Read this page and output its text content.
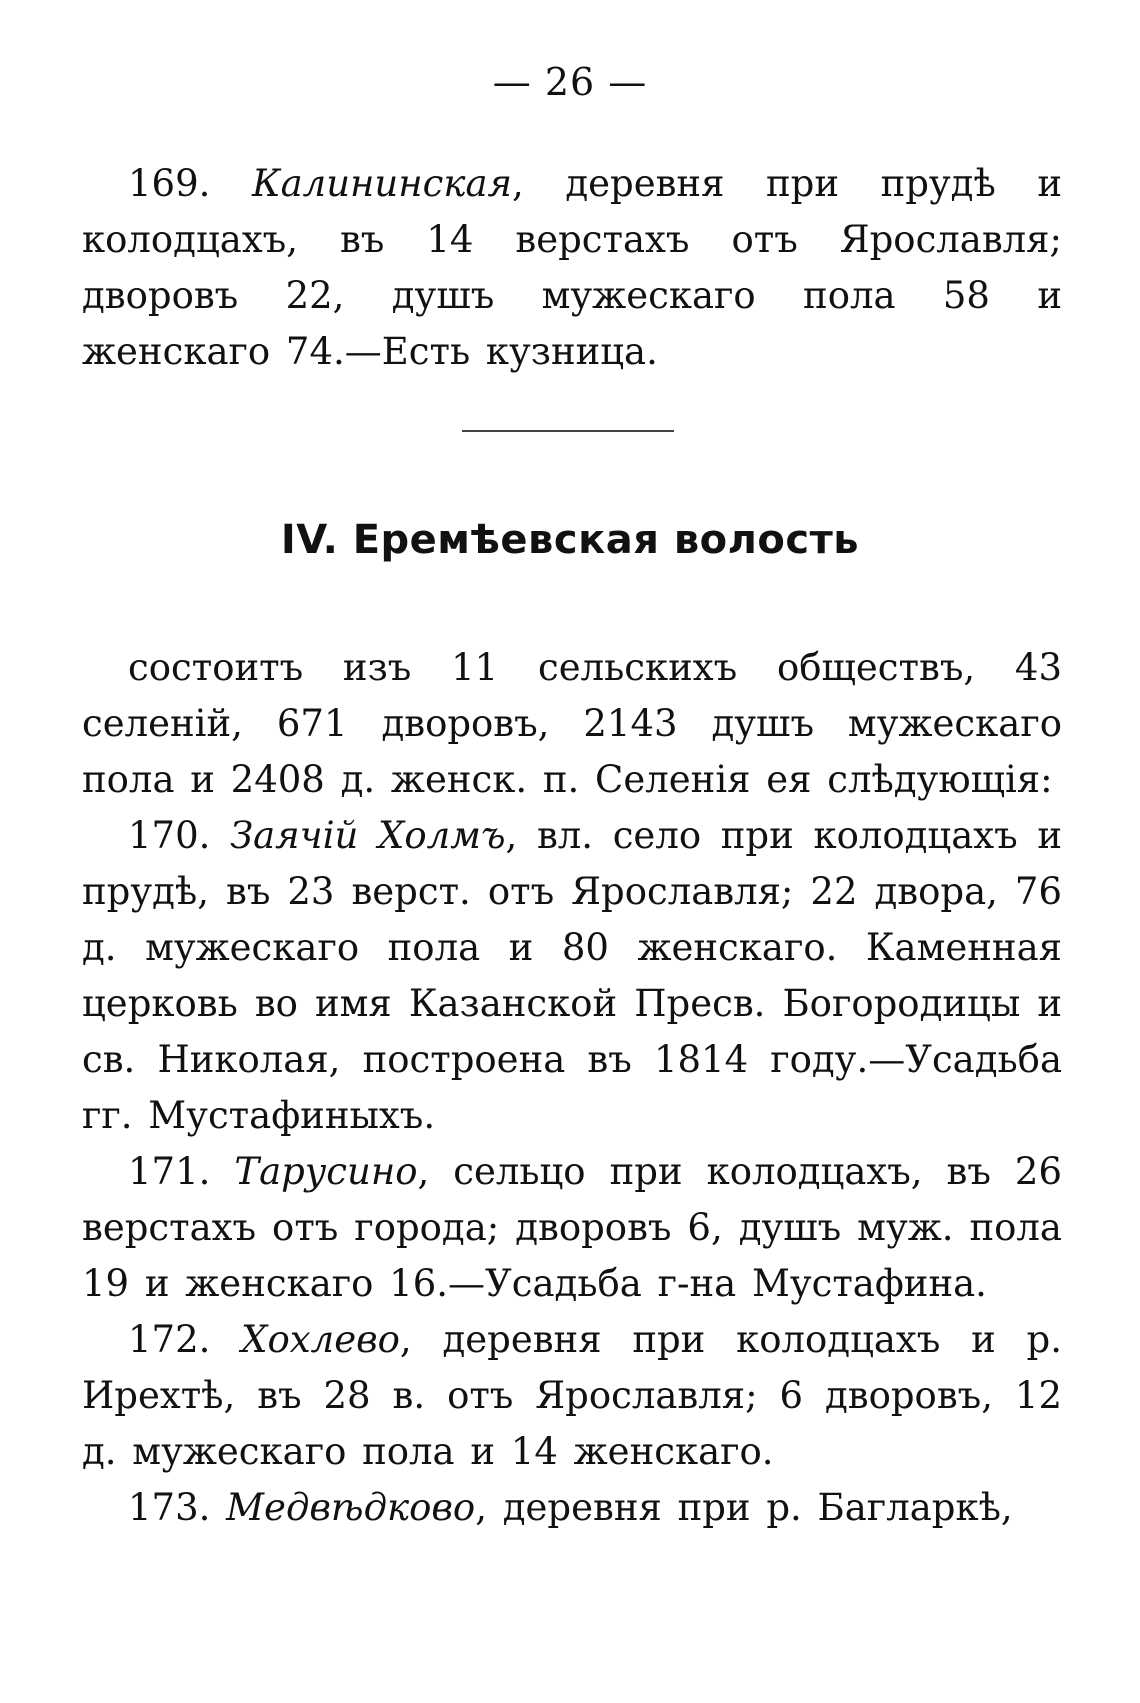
— 26 —

169. Калининская, деревня при прудѣ и колодцахъ, въ 14 верстахъ отъ Ярославля; дворовъ 22, душъ мужескаго пола 58 и женскаго 74.—Есть кузница.

IV. Еремѣевская волость

состоитъ изъ 11 сельскихъ обществъ, 43 селеній, 671 дворовъ, 2143 душъ мужескаго пола и 2408 д. женск. п. Селенія ея слѣдующія:

170. Заячій Холмъ, вл. село при колодцахъ и прудѣ, въ 23 верст. отъ Ярославля; 22 двора, 76 д. мужескаго пола и 80 женскаго. Каменная церковь во имя Казанской Пресв. Богородицы и св. Николая, построена въ 1814 году.—Усадьба гг. Мустафиныхъ.

171. Тарусино, сельцо при колодцахъ, въ 26 верстахъ отъ города; дворовъ 6, душъ муж. пола 19 и женскаго 16.—Усадьба г-на Мустафина.

172. Хохлево, деревня при колодцахъ и р. Ирехтѣ, въ 28 в. отъ Ярославля; 6 дворовъ, 12 д. мужескаго пола и 14 женскаго.

173. Медвѣдково, деревня при р. Багларкѣ,
